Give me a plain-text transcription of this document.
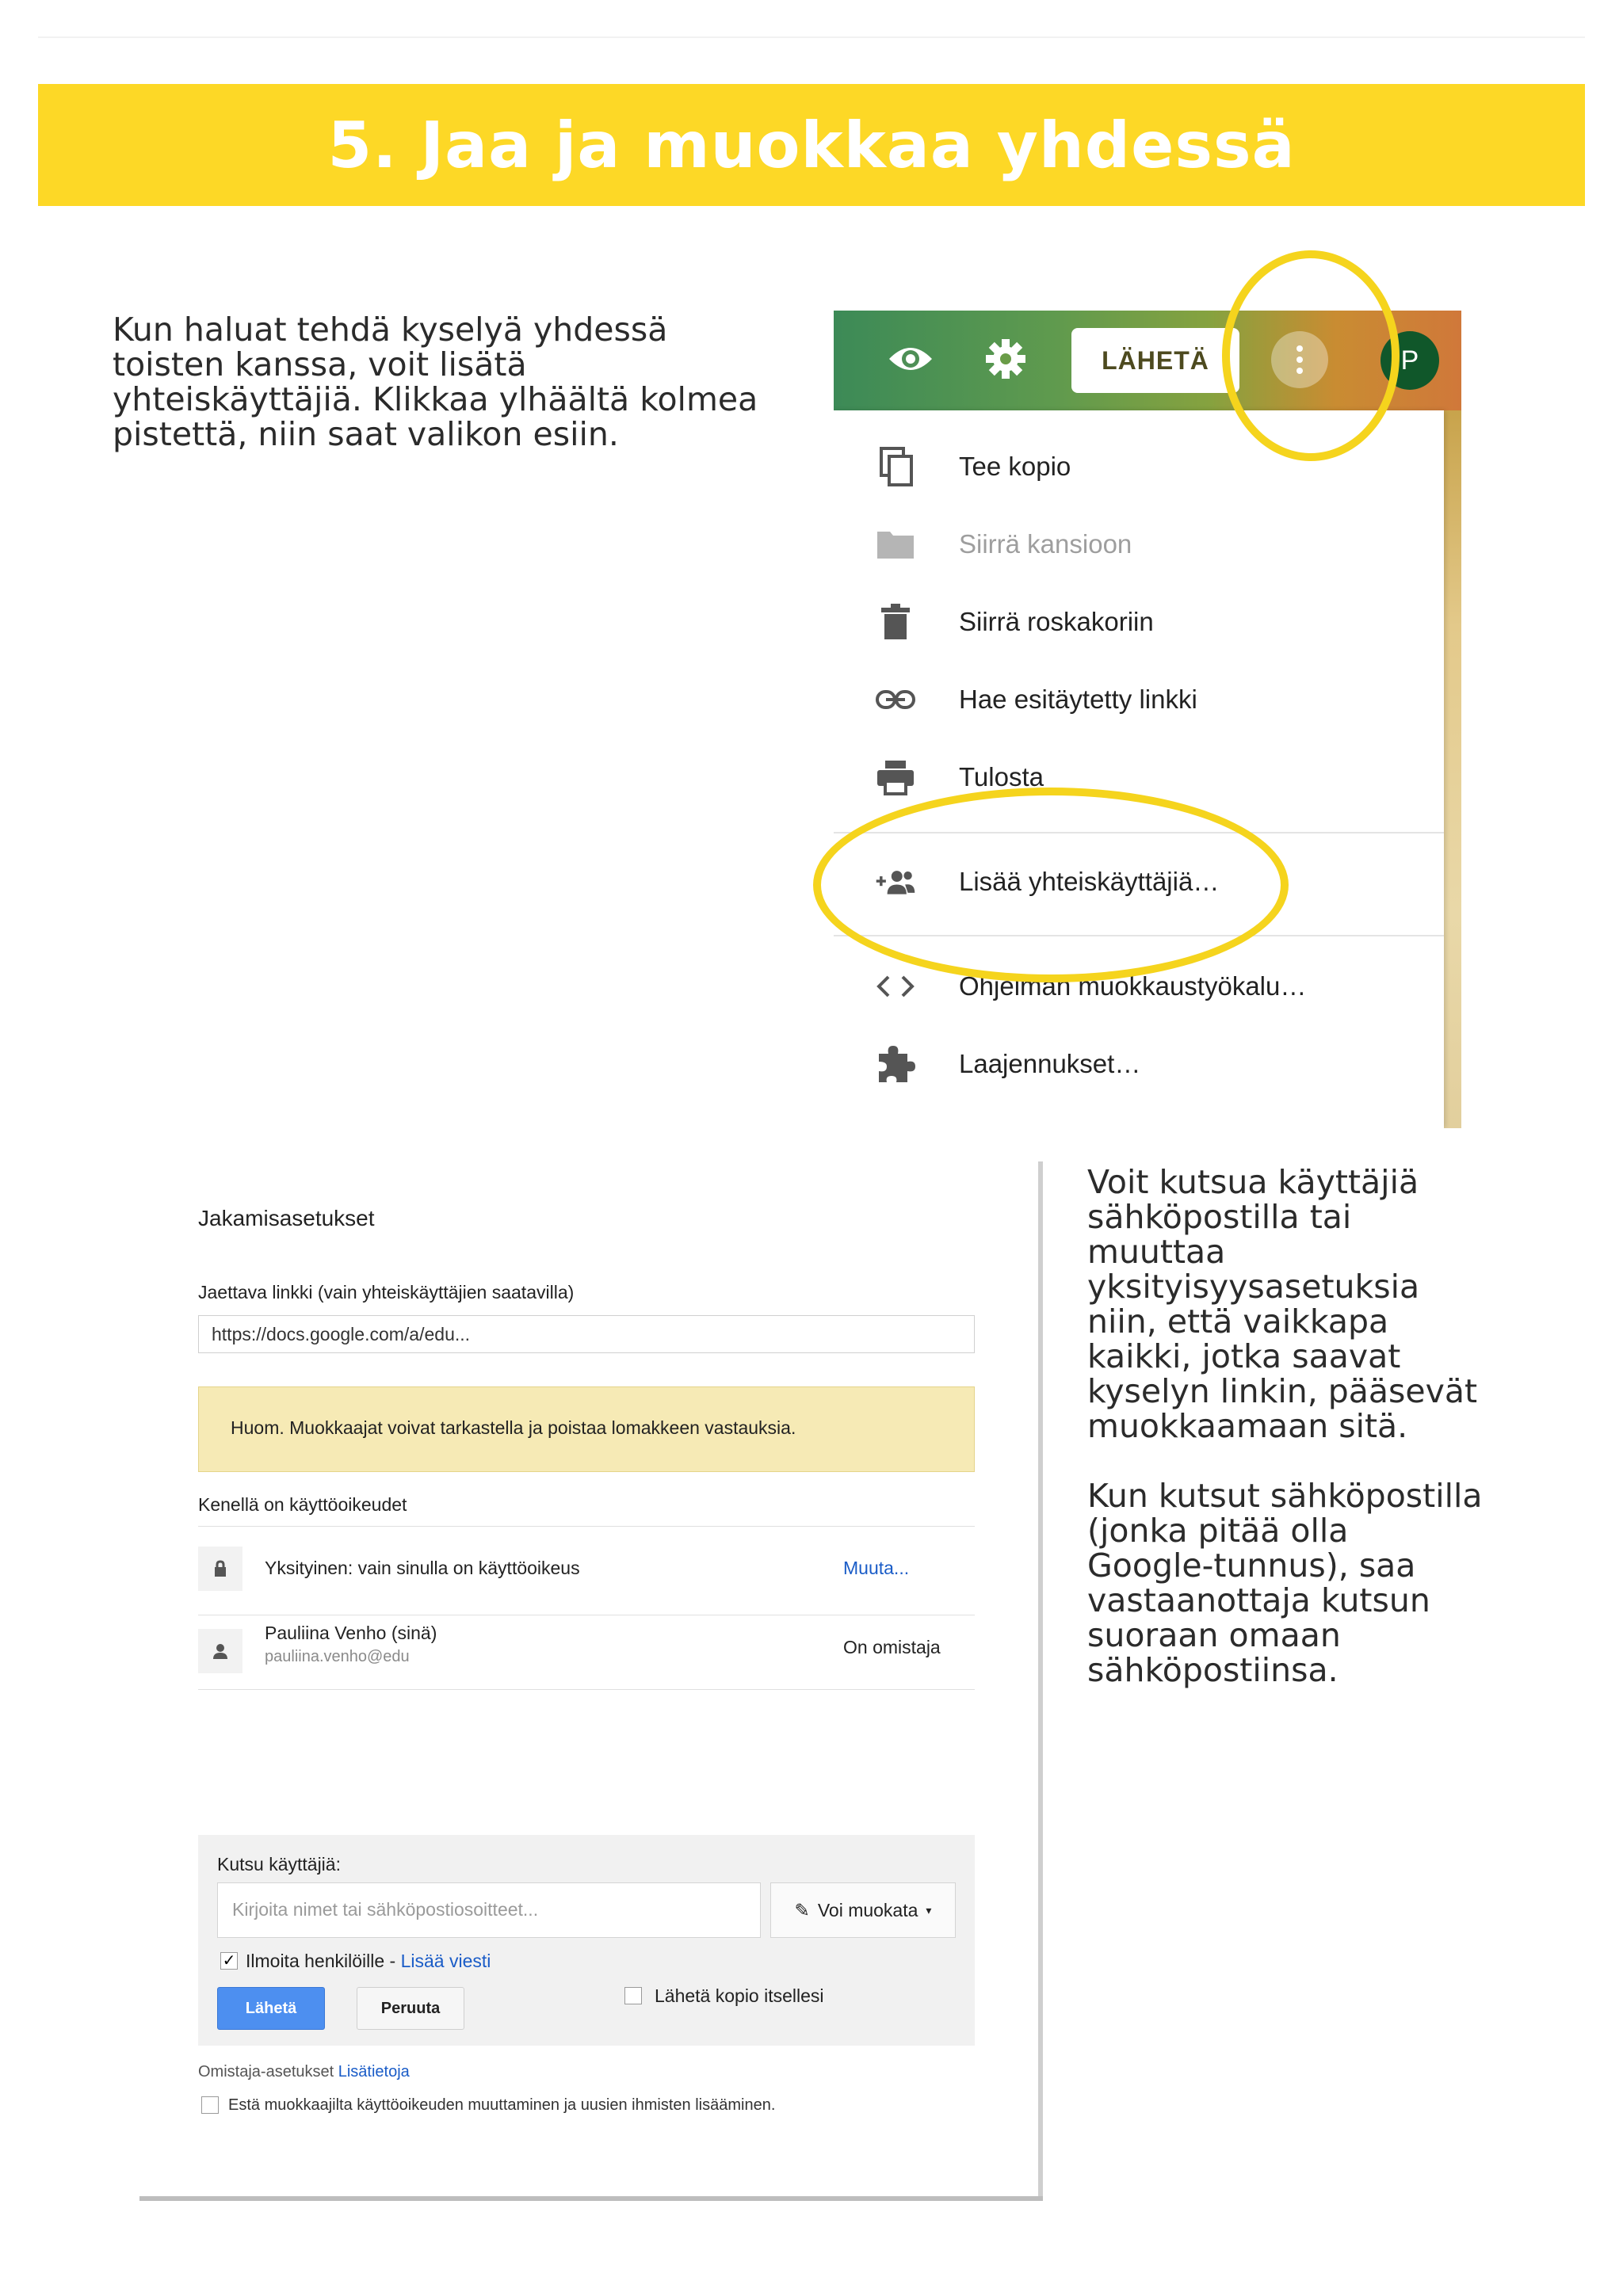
5. Jaa ja muokkaa yhdessä
Kun haluat tehdä kyselyä yhdessä toisten kanssa, voit lisätä yhteiskäyttäjiä. Klikkaa ylhäältä kolmea pistettä, niin saat valikon esiin.
LÄHETÄ	P
Tee kopio
Siirrä kansioon
Siirrä roskakoriin
Hae esitäytetty linkki
Tulosta
Lisää yhteiskäyttäjiä…
Ohjelman muokkaustyökalu…
Laajennukset…
Jakamisasetukset
Jaettava linkki (vain yhteiskäyttäjien saatavilla)
https://docs.google.com/a/edu...
Huom. Muokkaajat voivat tarkastella ja poistaa lomakkeen vastauksia.
Kenellä on käyttöoikeudet
Yksityinen: vain sinulla on käyttöoikeus	Muuta...
Pauliina Venho (sinä)
pauliina.venho@edu	On omistaja
Kutsu käyttäjiä:
Kirjoita nimet tai sähköpostiosoitteet...	✎ Voi muokata ▾
✓ Ilmoita henkilöille - Lisää viesti
Lähetä	Peruuta
Lähetä kopio itsellesi
Omistaja-asetukset Lisätietoja
Estä muokkaajilta käyttöoikeuden muuttaminen ja uusien ihmisten lisääminen.

Voit kutsua käyttäjiä sähköpostilla tai muuttaa yksityisyysasetuksia niin, että vaikkapa kaikki, jotka saavat kyselyn linkin, pääsevät muokkaamaan sitä.

Kun kutsut sähköpostilla (jonka pitää olla Google-tunnus), saa vastaanottaja kutsun suoraan omaan sähköpostiinsa.
